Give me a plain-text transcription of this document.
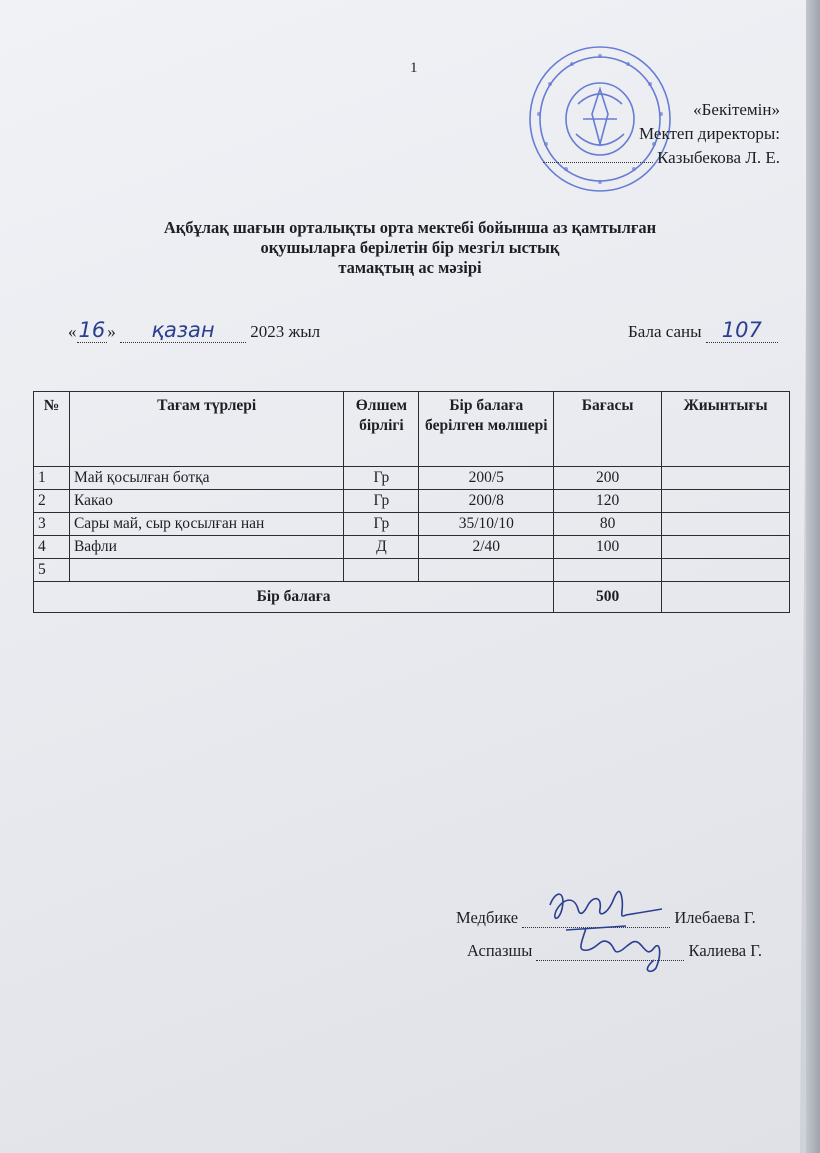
1
«Бекітемін»
Мектеп директоры:
Казыбекова Л. Е.
Ақбұлақ шағын орталықты орта мектебі бойынша аз қамтылған
оқушыларға берілетін бір мезгіл ыстық
тамақтың ас мәзірі
«16 » қазан 2023 жыл	Бала саны 107
№	Тағам түрлері	Өлшем бірлігі	Бір балаға берілген мөлшері	Бағасы	Жиынтығы
1	Май қосылған ботқа	Гр	200/5	200	
2	Какао	Гр	200/8	120	
3	Сары май, сыр қосылған нан	Гр	35/10/10	80	
4	Вафли	Д	2/40	100	
5					
Бір балаға				500	
Медбике	Илебаева Г.
Аспазшы	Калиева Г.
